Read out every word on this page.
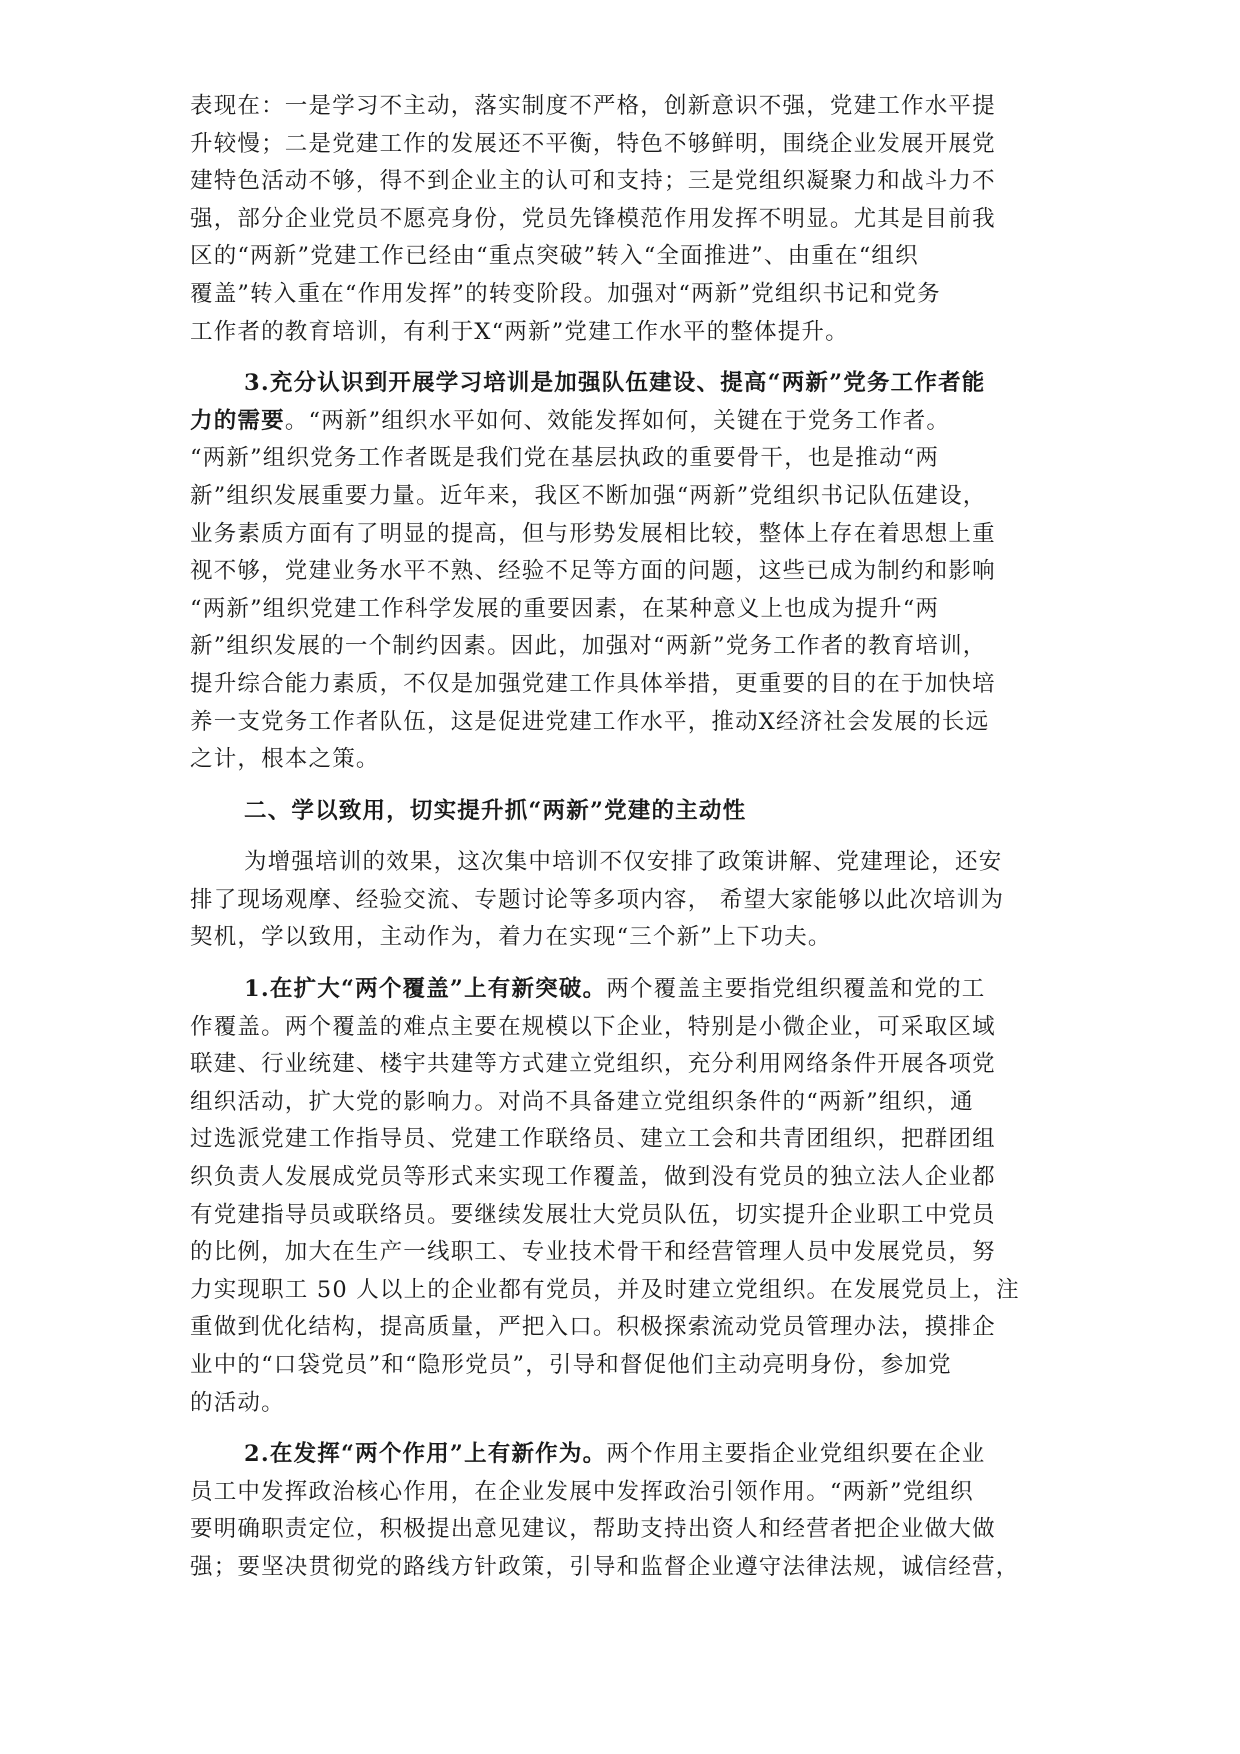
表现在：一是学习不主动，落实制度不严格，创新意识不强，党建工作水平提
升较慢；二是党建工作的发展还不平衡，特色不够鲜明，围绕企业发展开展党
建特色活动不够，得不到企业主的认可和支持；三是党组织凝聚力和战斗力不
强，部分企业党员不愿亮身份，党员先锋模范作用发挥不明显。尤其是目前我
区的“两新”党建工作已经由“重点突破”转入“全面推进”、由重在“组织
覆盖”转入重在“作用发挥”的转变阶段。加强对“两新”党组织书记和党务
工作者的教育培训，有利于X“两新”党建工作水平的整体提升。
3.充分认识到开展学习培训是加强队伍建设、提高“两新”党务工作者能
力的需要。“两新”组织水平如何、效能发挥如何，关键在于党务工作者。
“两新”组织党务工作者既是我们党在基层执政的重要骨干，也是推动“两
新”组织发展重要力量。近年来，我区不断加强“两新”党组织书记队伍建设，
业务素质方面有了明显的提高，但与形势发展相比较，整体上存在着思想上重
视不够，党建业务水平不熟、经验不足等方面的问题，这些已成为制约和影响
“两新”组织党建工作科学发展的重要因素，在某种意义上也成为提升“两
新”组织发展的一个制约因素。因此，加强对“两新”党务工作者的教育培训，
提升综合能力素质，不仅是加强党建工作具体举措，更重要的目的在于加快培
养一支党务工作者队伍，这是促进党建工作水平，推动X经济社会发展的长远
之计，根本之策。
二、学以致用，切实提升抓“两新”党建的主动性
为增强培训的效果，这次集中培训不仅安排了政策讲解、党建理论，还安
排了现场观摩、经验交流、专题讨论等多项内容， 希望大家能够以此次培训为
契机，学以致用，主动作为，着力在实现“三个新”上下功夫。
1.在扩大“两个覆盖”上有新突破。两个覆盖主要指党组织覆盖和党的工
作覆盖。两个覆盖的难点主要在规模以下企业，特别是小微企业，可采取区域
联建、行业统建、楼宇共建等方式建立党组织，充分利用网络条件开展各项党
组织活动，扩大党的影响力。对尚不具备建立党组织条件的“两新”组织，通
过选派党建工作指导员、党建工作联络员、建立工会和共青团组织，把群团组
织负责人发展成党员等形式来实现工作覆盖，做到没有党员的独立法人企业都
有党建指导员或联络员。要继续发展壮大党员队伍，切实提升企业职工中党员
的比例，加大在生产一线职工、专业技术骨干和经营管理人员中发展党员，努
力实现职工 50 人以上的企业都有党员，并及时建立党组织。在发展党员上，注
重做到优化结构，提高质量，严把入口。积极探索流动党员管理办法，摸排企
业中的“口袋党员”和“隐形党员”，引导和督促他们主动亮明身份，参加党
的活动。
2.在发挥“两个作用”上有新作为。两个作用主要指企业党组织要在企业
员工中发挥政治核心作用，在企业发展中发挥政治引领作用。“两新”党组织
要明确职责定位，积极提出意见建议，帮助支持出资人和经营者把企业做大做
强；要坚决贯彻党的路线方针政策，引导和监督企业遵守法律法规，诚信经营，
